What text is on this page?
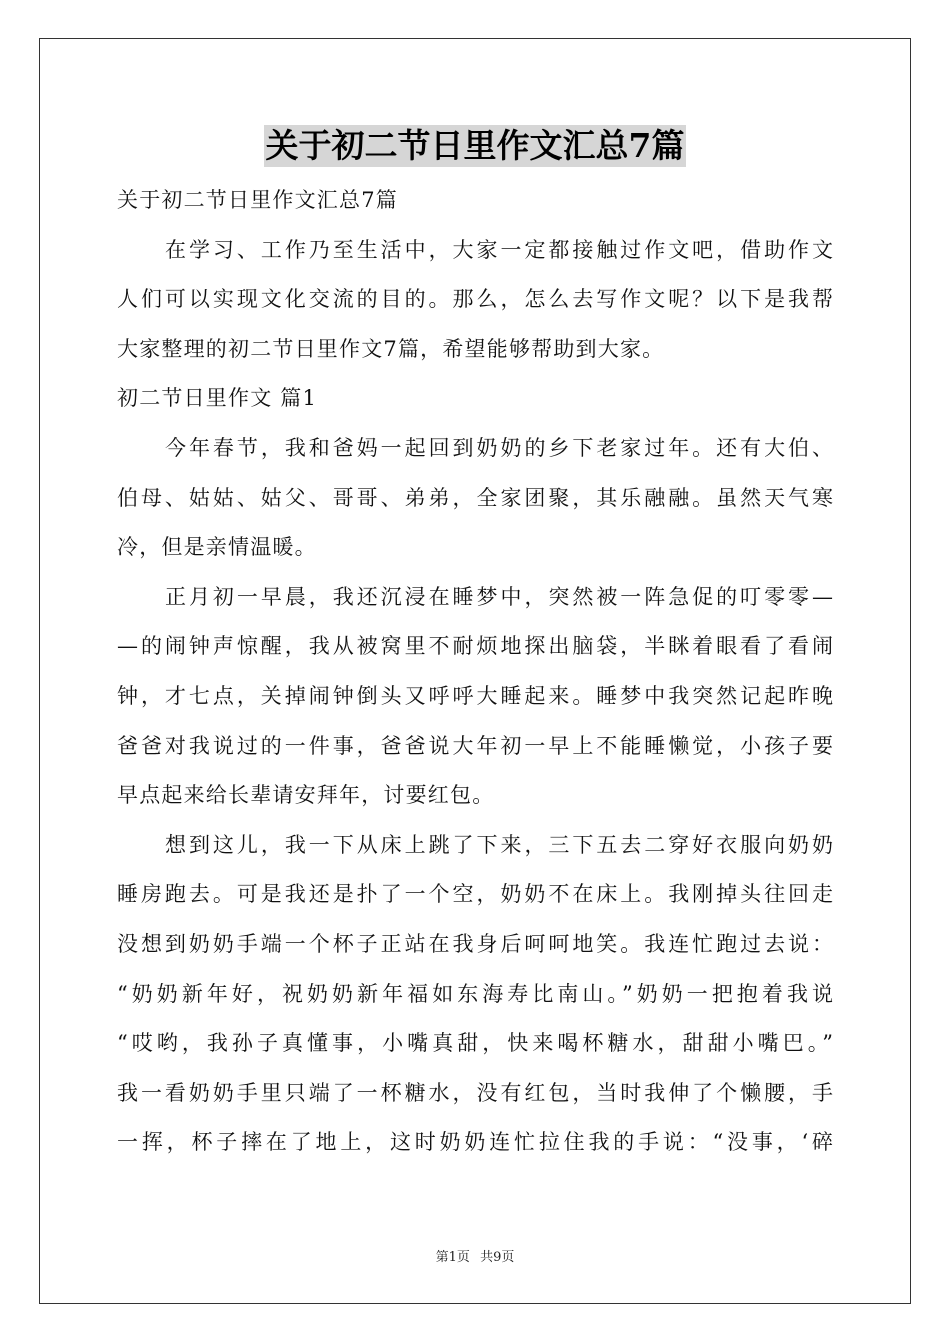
关于初二节日里作文汇总7篇
关于初二节日里作文汇总7篇
在学习、工作乃至生活中，大家一定都接触过作文吧，借助作文
人们可以实现文化交流的目的。那么，怎么去写作文呢？以下是我帮
大家整理的初二节日里作文7篇，希望能够帮助到大家。
初二节日里作文 篇1
今年春节，我和爸妈一起回到奶奶的乡下老家过年。还有大伯、
伯母、姑姑、姑父、哥哥、弟弟，全家团聚，其乐融融。虽然天气寒
冷，但是亲情温暖。
正月初一早晨，我还沉浸在睡梦中，突然被一阵急促的叮零零—
—的闹钟声惊醒，我从被窝里不耐烦地探出脑袋，半眯着眼看了看闹
钟，才七点，关掉闹钟倒头又呼呼大睡起来。睡梦中我突然记起昨晚
爸爸对我说过的一件事，爸爸说大年初一早上不能睡懒觉，小孩子要
早点起来给长辈请安拜年，讨要红包。
想到这儿，我一下从床上跳了下来，三下五去二穿好衣服向奶奶
睡房跑去。可是我还是扑了一个空，奶奶不在床上。我刚掉头往回走
没想到奶奶手端一个杯子正站在我身后呵呵地笑。我连忙跑过去说：
“奶奶新年好，祝奶奶新年福如东海寿比南山。”奶奶一把抱着我说
“哎哟，我孙子真懂事，小嘴真甜，快来喝杯糖水，甜甜小嘴巴。”
我一看奶奶手里只端了一杯糖水，没有红包，当时我伸了个懒腰，手
一挥，杯子摔在了地上，这时奶奶连忙拉住我的手说：“没事，‘碎
第1页 共9页
